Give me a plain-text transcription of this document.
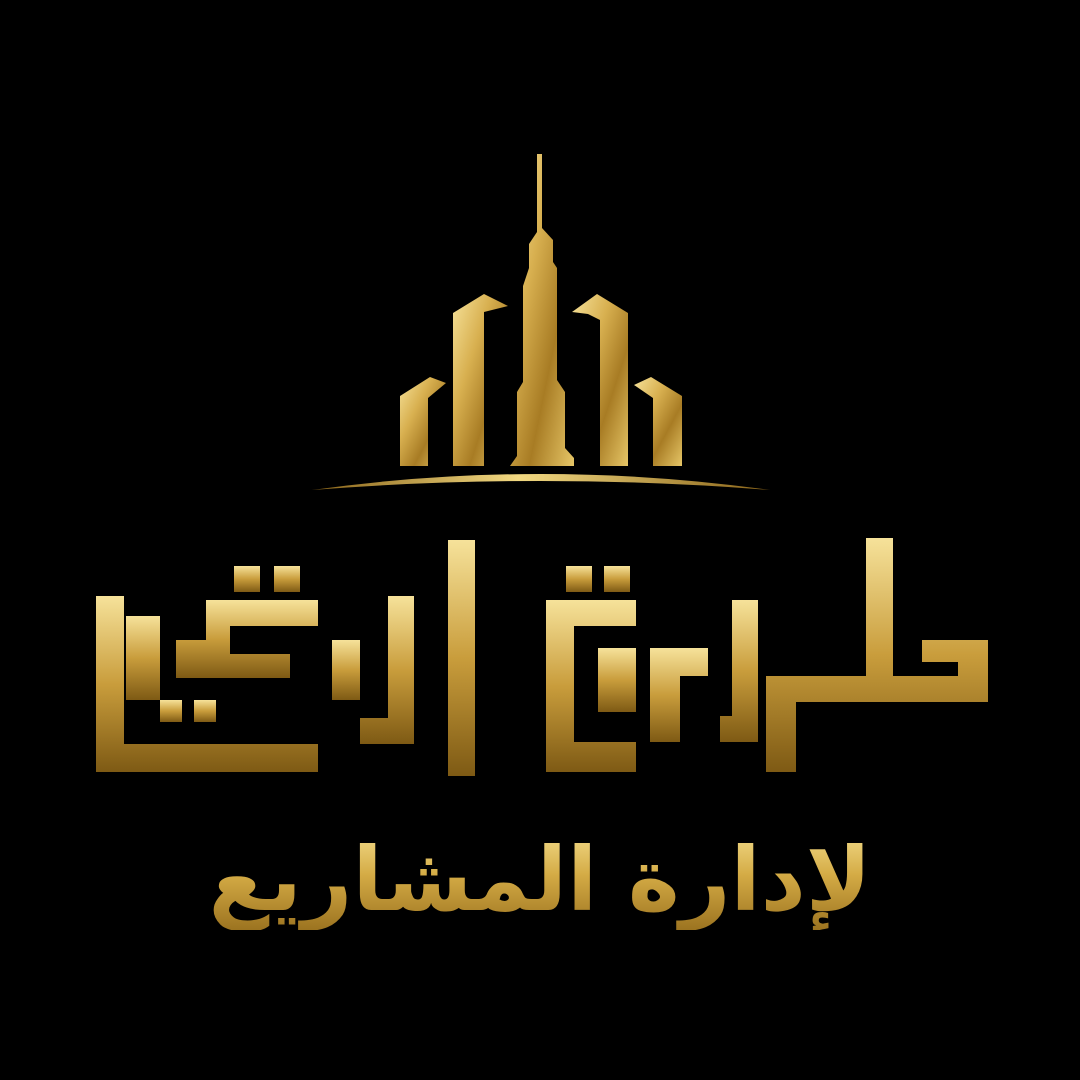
لإدارة المشاريع
